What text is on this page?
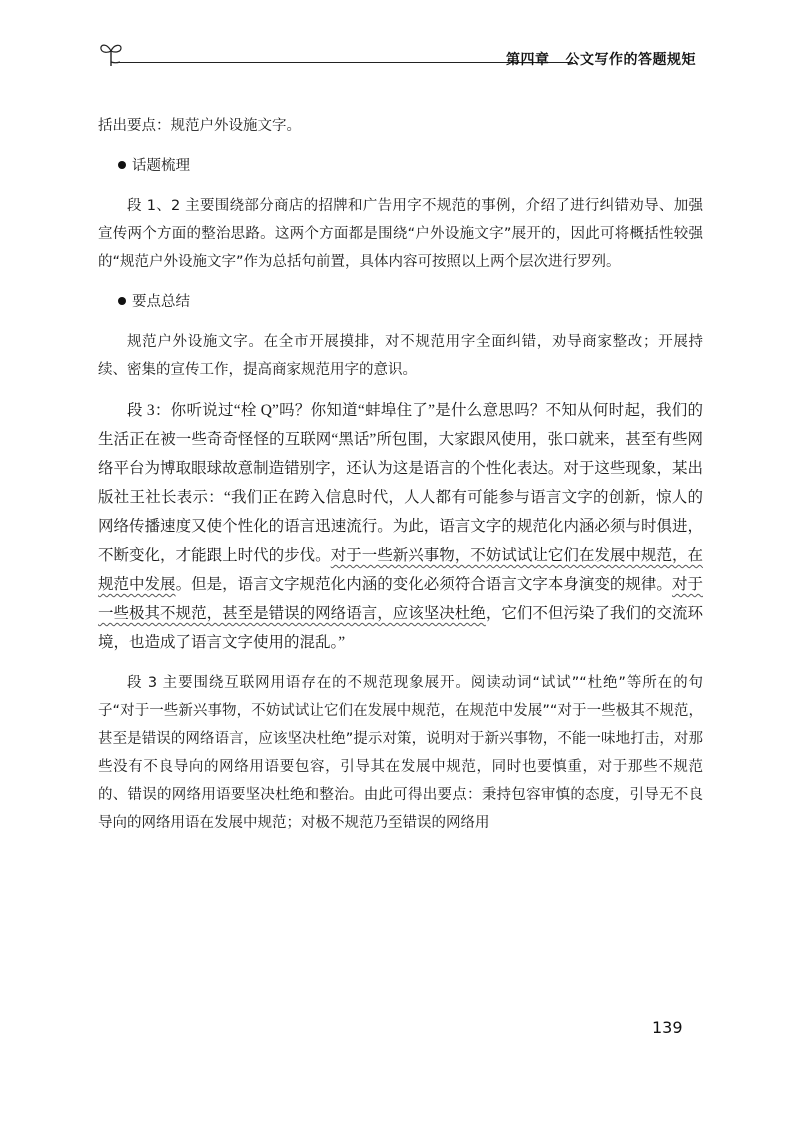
第四章 公文写作的答题规矩

括出要点：规范户外设施文字。

话题梳理

段 1、2 主要围绕部分商店的招牌和广告用字不规范的事例，介绍了进行纠错劝导、加强宣传两个方面的整治思路。这两个方面都是围绕“户外设施文字”展开的，因此可将概括性较强的“规范户外设施文字”作为总括句前置，具体内容可按照以上两个层次进行罗列。

要点总结

规范户外设施文字。在全市开展摸排，对不规范用字全面纠错，劝导商家整改；开展持续、密集的宣传工作，提高商家规范用字的意识。

段 3：你听说过“栓 Q”吗？你知道“蚌埠住了”是什么意思吗？不知从何时起，我们的生活正在被一些奇奇怪怪的互联网“黑话”所包围，大家跟风使用，张口就来，甚至有些网络平台为博取眼球故意制造错别字，还认为这是语言的个性化表达。对于这些现象，某出版社王社长表示：“我们正在跨入信息时代，人人都有可能参与语言文字的创新，惊人的网络传播速度又使个性化的语言迅速流行。为此，语言文字的规范化内涵必须与时俱进，不断变化，才能跟上时代的步伐。对于一些新兴事物，不妨试试让它们在发展中规范，在规范中发展。但是，语言文字规范化内涵的变化必须符合语言文字本身演变的规律。对于一些极其不规范，甚至是错误的网络语言，应该坚决杜绝，它们不但污染了我们的交流环境，也造成了语言文字使用的混乱。”

段 3 主要围绕互联网用语存在的不规范现象展开。阅读动词“试试”“杜绝”等所在的句子“对于一些新兴事物，不妨试试让它们在发展中规范，在规范中发展”“对于一些极其不规范，甚至是错误的网络语言，应该坚决杜绝”提示对策，说明对于新兴事物，不能一味地打击，对那些没有不良导向的网络用语要包容，引导其在发展中规范，同时也要慎重，对于那些不规范的、错误的网络用语要坚决杜绝和整治。由此可得出要点：秉持包容审慎的态度，引导无不良导向的网络用语在发展中规范；对极不规范乃至错误的网络用

139
